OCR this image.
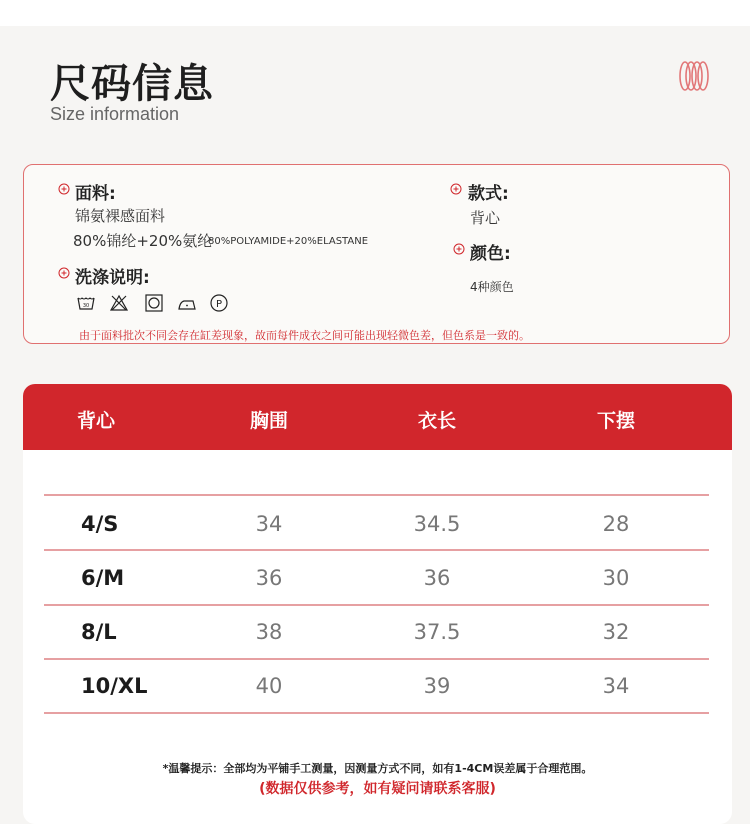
尺码信息
Size information
面料:
锦氨裸感面料
80%锦纶+20%氨纶
80%POLYAMIDE+20%ELASTANE
款式:
背心
颜色:
4种颜色
洗涤说明:
30	P
由于面料批次不同会存在缸差现象，故而每件成衣之间可能出现轻微色差，但色系是一致的。
背心	胸围	衣长	下摆
4/S	34	34.5	28
6/M	36	36	30
8/L	38	37.5	32
10/XL	40	39	34
*温馨提示：全部均为平铺手工测量，因测量方式不同，如有1-4CM误差属于合理范围。
(数据仅供参考，如有疑问请联系客服)
